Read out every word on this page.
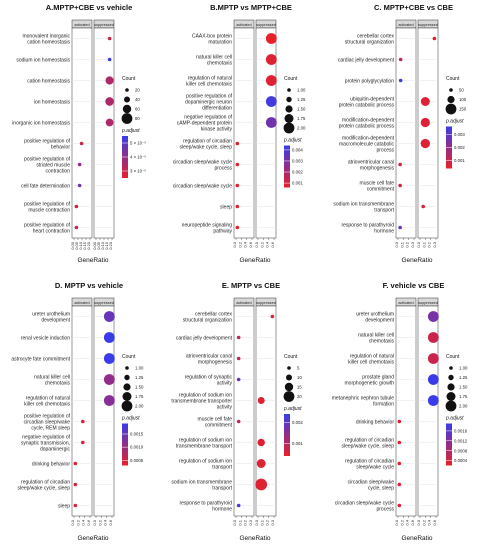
A.MPTP+CBE vs vehicle
activated suppressed
monovalent inorganic cation homeostasis
sodium ion homeostasis
cation homeostasis
ion homeostasis
inorganic ion homeostasis
positive regulation of behavior
positive regulation of striated muscle contraction
cell fate determination
positive regulation of muscle contraction
positive regulation of heart contraction
0.00 0.05 0.10 0.15 0.20 0.00 0.05 0.10 0.15 0.20
GeneRatio
Count
20
40
60
80
p.adjust
3 × 10⁻⁵
4 × 10⁻⁵
5 × 10⁻⁵
B.MPTP vs MPTP+CBE
activated suppressed
CAAX-box protein maturation
natural killer cell chemotaxis
regulation of natural killer cell chemotaxis
positive regulation of dopaminergic neuron differentiation
negative regulation of cAMP-dependent protein kinase activity
regulation of circadian sleep/wake cycle, sleep
circadian sleep/wake cycle process
circadian sleep/wake cycle
sleep
neuropeptide signaling pathway
0.0 0.2 0.4 0.6 0.0 0.2 0.4 0.6
GeneRatio
Count
1.00
1.25
1.50
1.75
2.00
p.adjust
0.001
0.002
0.003
0.004
C. MPTP+CBE vs CBE
activated suppressed
cerebellar cortex structural organization
cardiac jelly development
protein polyglycylation
ubiquitin-dependent protein catabolic process
modification-dependent protein catabolic process
modification-dependent macromolecule catabolic process
atrioventricular canal morphogenesis
muscle cell fate commitment
sodium ion transmembrane transport
response to parathyroid hormone
0.0 0.1 0.2 0.3 0.0 0.1 0.2 0.3
GeneRatio
Count
50
100
150
p.adjust
0.001
0.002
0.003
D. MPTP vs vehicle
activated suppressed
ureter urothelium development
renal vesicle induction
astrocyte fate commitment
natural killer cell chemotaxis
regulation of natural killer cell chemotaxis
positive regulation of circadian sleep/wake cycle, REM sleep
negative regulation of synaptic transmission, dopaminergic
drinking behavior
regulation of circadian sleep/wake cycle, sleep
sleep
0.0 0.2 0.4 0.6 0.0 0.2 0.4 0.6
GeneRatio
Count
1.00
1.25
1.50
1.75
2.00
p.adjust
0.0005
0.0010
0.0015
E. MPTP vs CBE
activated suppressed
cerebellar cortex structural organization
cardiac jelly development
atrioventricular canal morphogenesis
regulation of synaptic activity
regulation of sodium ion transmembrane transporter activity
muscle cell fate commitment
regulation of sodium ion transmembrane transport
regulation of sodium ion transport
sodium ion transmembrane transport
response to parathyroid hormone
0.0 0.1 0.2 0.3 0.0 0.1 0.2 0.3
GeneRatio
Count
5
10
15
20
p.adjust
0.001
0.002
F. vehicle vs CBE
activated suppressed
ureter urothelium development
natural killer cell chemotaxis
regulation of natural killer cell chemotaxis
prostate gland morphogenetic growth
metanephric nephron tubule formation
drinking behavior
regulation of circadian sleep/wake cycle, sleep
regulation of circadian sleep/wake cycle
circadian sleep/wake cycle, sleep
circadian sleep/wake cycle process
0.0 0.2 0.4 0.6 0.0 0.2 0.4 0.6
GeneRatio
Count
1.00
1.25
1.50
1.75
2.00
p.adjust
0.0004
0.0008
0.0012
0.0016
